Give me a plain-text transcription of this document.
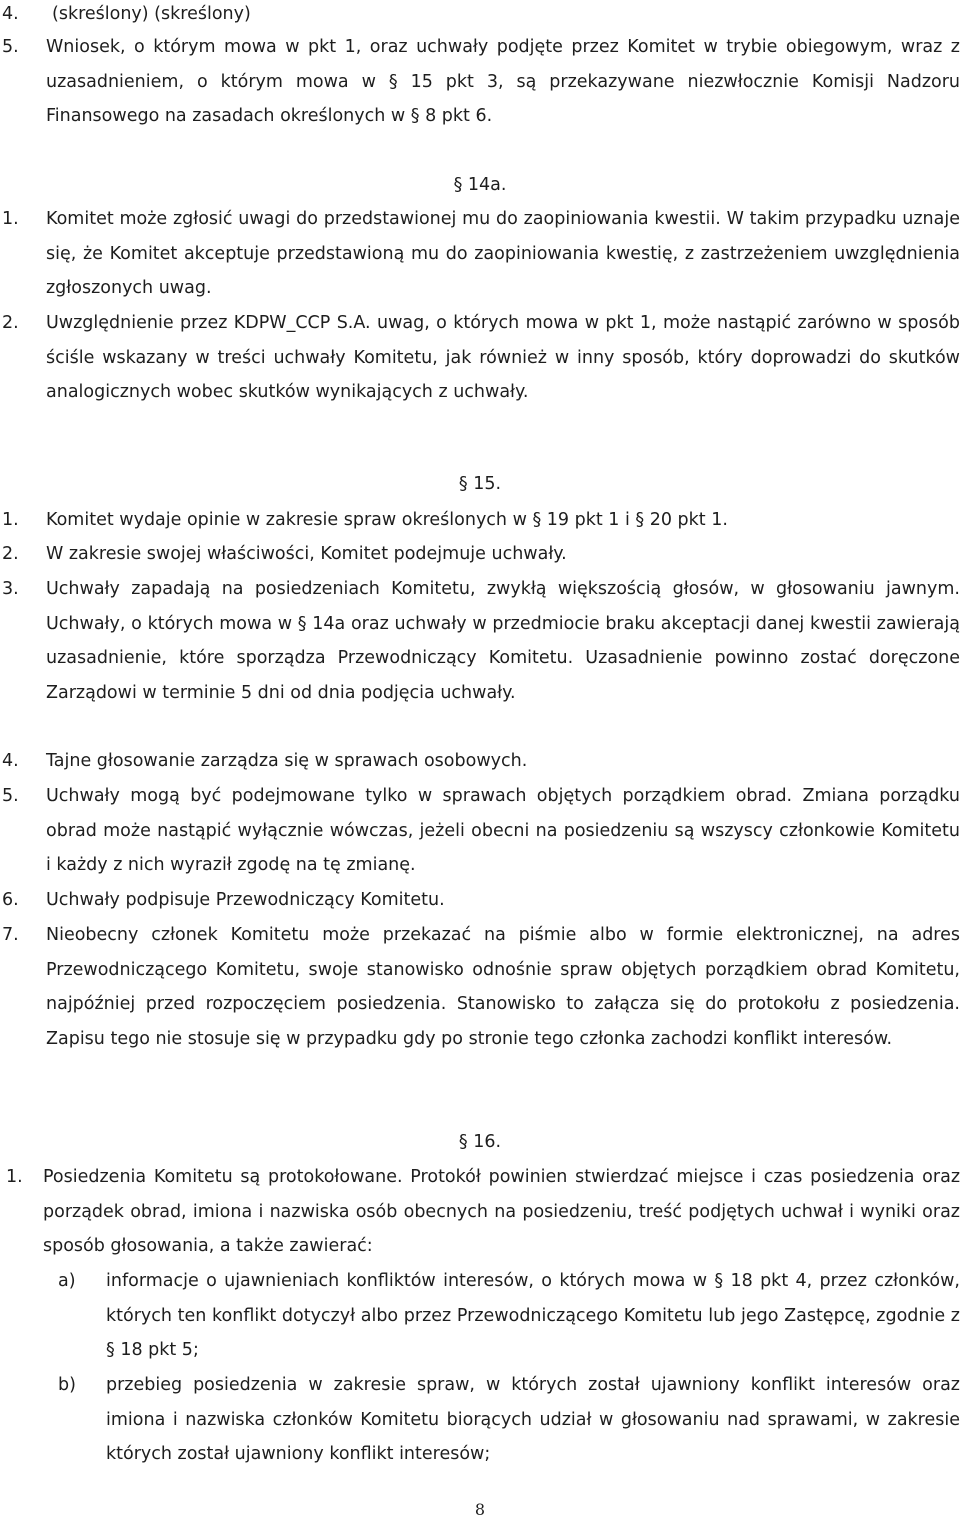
4. (skreślony) (skreślony)
5. Wniosek, o którym mowa w pkt 1, oraz uchwały podjęte przez Komitet w trybie obiegowym, wraz z uzasadnieniem, o którym mowa w § 15 pkt 3, są przekazywane niezwłocznie Komisji Nadzoru Finansowego na zasadach określonych w § 8 pkt 6.
§ 14a.
1. Komitet może zgłosić uwagi do przedstawionej mu do zaopiniowania kwestii. W takim przypadku uznaje się, że Komitet akceptuje przedstawioną mu do zaopiniowania kwestię, z zastrzeżeniem uwzględnienia zgłoszonych uwag.
2. Uwzględnienie przez KDPW_CCP S.A. uwag, o których mowa w pkt 1, może nastąpić zarówno w sposób ściśle wskazany w treści uchwały Komitetu, jak również w inny sposób, który doprowadzi do skutków analogicznych wobec skutków wynikających z uchwały.
§ 15.
1. Komitet wydaje opinie w zakresie spraw określonych w § 19 pkt 1 i § 20 pkt 1.
2. W zakresie swojej właściwości, Komitet podejmuje uchwały.
3. Uchwały zapadają na posiedzeniach Komitetu, zwykłą większością głosów, w głosowaniu jawnym. Uchwały, o których mowa w § 14a oraz uchwały w przedmiocie braku akceptacji danej kwestii zawierają uzasadnienie, które sporządza Przewodniczący Komitetu. Uzasadnienie powinno zostać doręczone Zarządowi w terminie 5 dni od dnia podjęcia uchwały.
4. Tajne głosowanie zarządza się w sprawach osobowych.
5. Uchwały mogą być podejmowane tylko w sprawach objętych porządkiem obrad. Zmiana porządku obrad może nastąpić wyłącznie wówczas, jeżeli obecni na posiedzeniu są wszyscy członkowie Komitetu i każdy z nich wyraził zgodę na tę zmianę.
6. Uchwały podpisuje Przewodniczący Komitetu.
7. Nieobecny członek Komitetu może przekazać na piśmie albo w formie elektronicznej, na adres Przewodniczącego Komitetu, swoje stanowisko odnośnie spraw objętych porządkiem obrad Komitetu, najpóźniej przed rozpoczęciem posiedzenia. Stanowisko to załącza się do protokołu z posiedzenia. Zapisu tego nie stosuje się w przypadku gdy po stronie tego członka zachodzi konflikt interesów.
§ 16.
1. Posiedzenia Komitetu są protokołowane. Protokół powinien stwierdzać miejsce i czas posiedzenia oraz porządek obrad, imiona i nazwiska osób obecnych na posiedzeniu, treść podjętych uchwał i wyniki oraz sposób głosowania, a także zawierać:
a) informacje o ujawnieniach konfliktów interesów, o których mowa w § 18 pkt 4, przez członków, których ten konflikt dotyczył albo przez Przewodniczącego Komitetu lub jego Zastępcę, zgodnie z § 18 pkt 5;
b) przebieg posiedzenia w zakresie spraw, w których został ujawniony konflikt interesów oraz imiona i nazwiska członków Komitetu biorących udział w głosowaniu nad sprawami, w zakresie których został ujawniony konflikt interesów;
8
